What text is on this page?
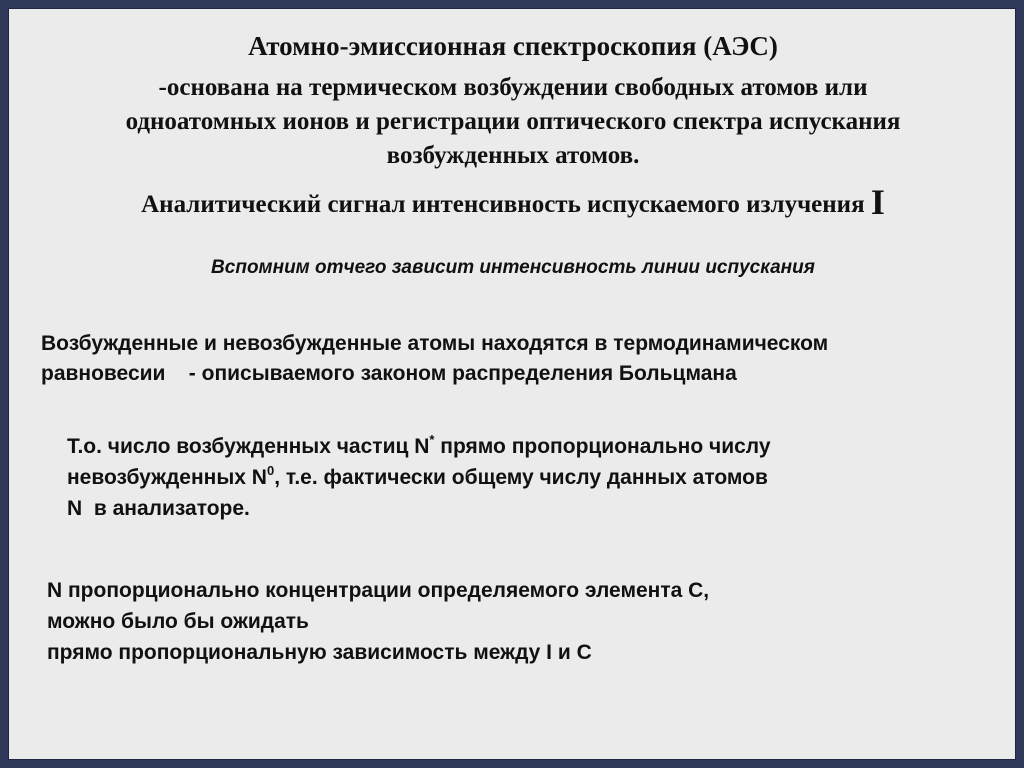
Атомно-эмиссионная спектроскопия (АЭС)
-основана на термическом возбуждении свободных атомов или
одноатомных ионов и регистрации оптического спектра испускания
возбужденных атомов.
Аналитический сигнал интенсивность испускаемого излучения I
Вспомним отчего зависит интенсивность линии испускания
Возбужденные и невозбужденные атомы находятся в термодинамическом
равновесии    - описываемого законом распределения Больцмана
Т.о. число возбужденных частиц N* прямо пропорционально числу
невозбужденных $N^0$, т.е. фактически общему числу данных атомов
N  в анализаторе.
N пропорционально концентрации определяемого элемента С,
можно было бы ожидать
прямо пропорциональную зависимость между I и С
